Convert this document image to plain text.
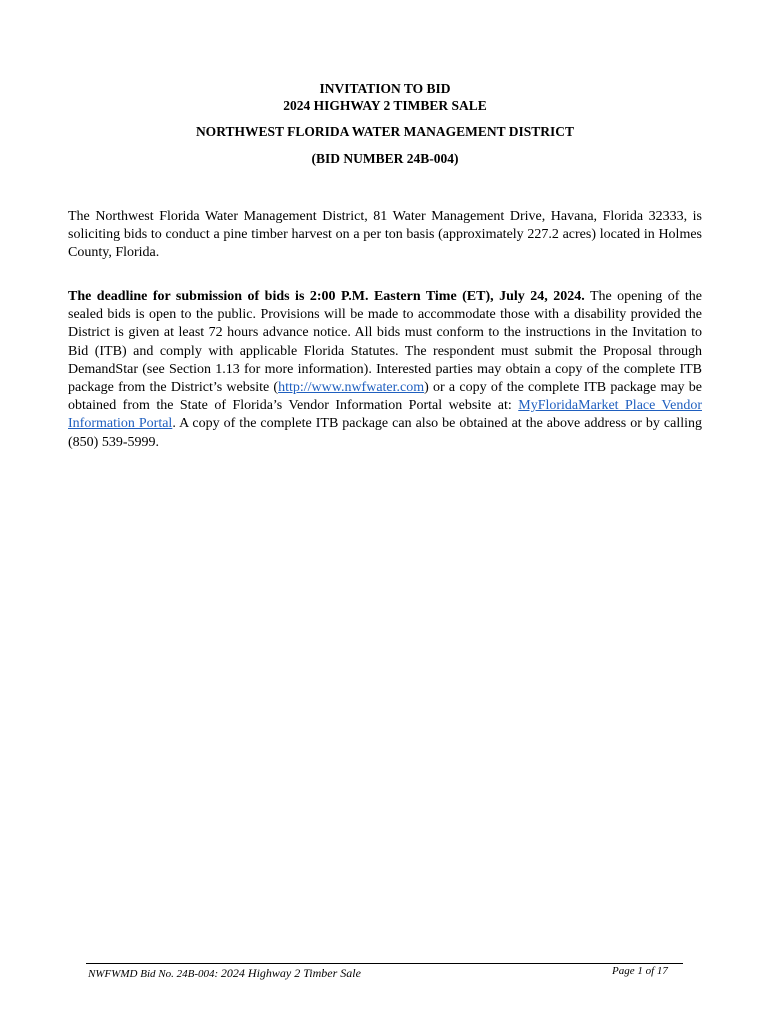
INVITATION TO BID

2024 HIGHWAY 2 TIMBER SALE

NORTHWEST FLORIDA WATER MANAGEMENT DISTRICT

(BID NUMBER 24B-004)

The Northwest Florida Water Management District, 81 Water Management Drive, Havana, Florida 32333, is soliciting bids to conduct a pine timber harvest on a per ton basis (approximately 227.2 acres) located in Holmes County, Florida.

The deadline for submission of bids is 2:00 P.M. Eastern Time (ET), July 24, 2024. The opening of the sealed bids is open to the public. Provisions will be made to accommodate those with a disability provided the District is given at least 72 hours advance notice. All bids must conform to the instructions in the Invitation to Bid (ITB) and comply with applicable Florida Statutes. The respondent must submit the Proposal through DemandStar (see Section 1.13 for more information). Interested parties may obtain a copy of the complete ITB package from the District’s website (http://www.nwfwater.com) or a copy of the complete ITB package may be obtained from the State of Florida’s Vendor Information Portal website at: MyFloridaMarket Place Vendor Information Portal. A copy of the complete ITB package can also be obtained at the above address or by calling (850) 539-5999.

NWFWMD Bid No. 24B-004: 2024 Highway 2 Timber Sale	Page 1 of 17
